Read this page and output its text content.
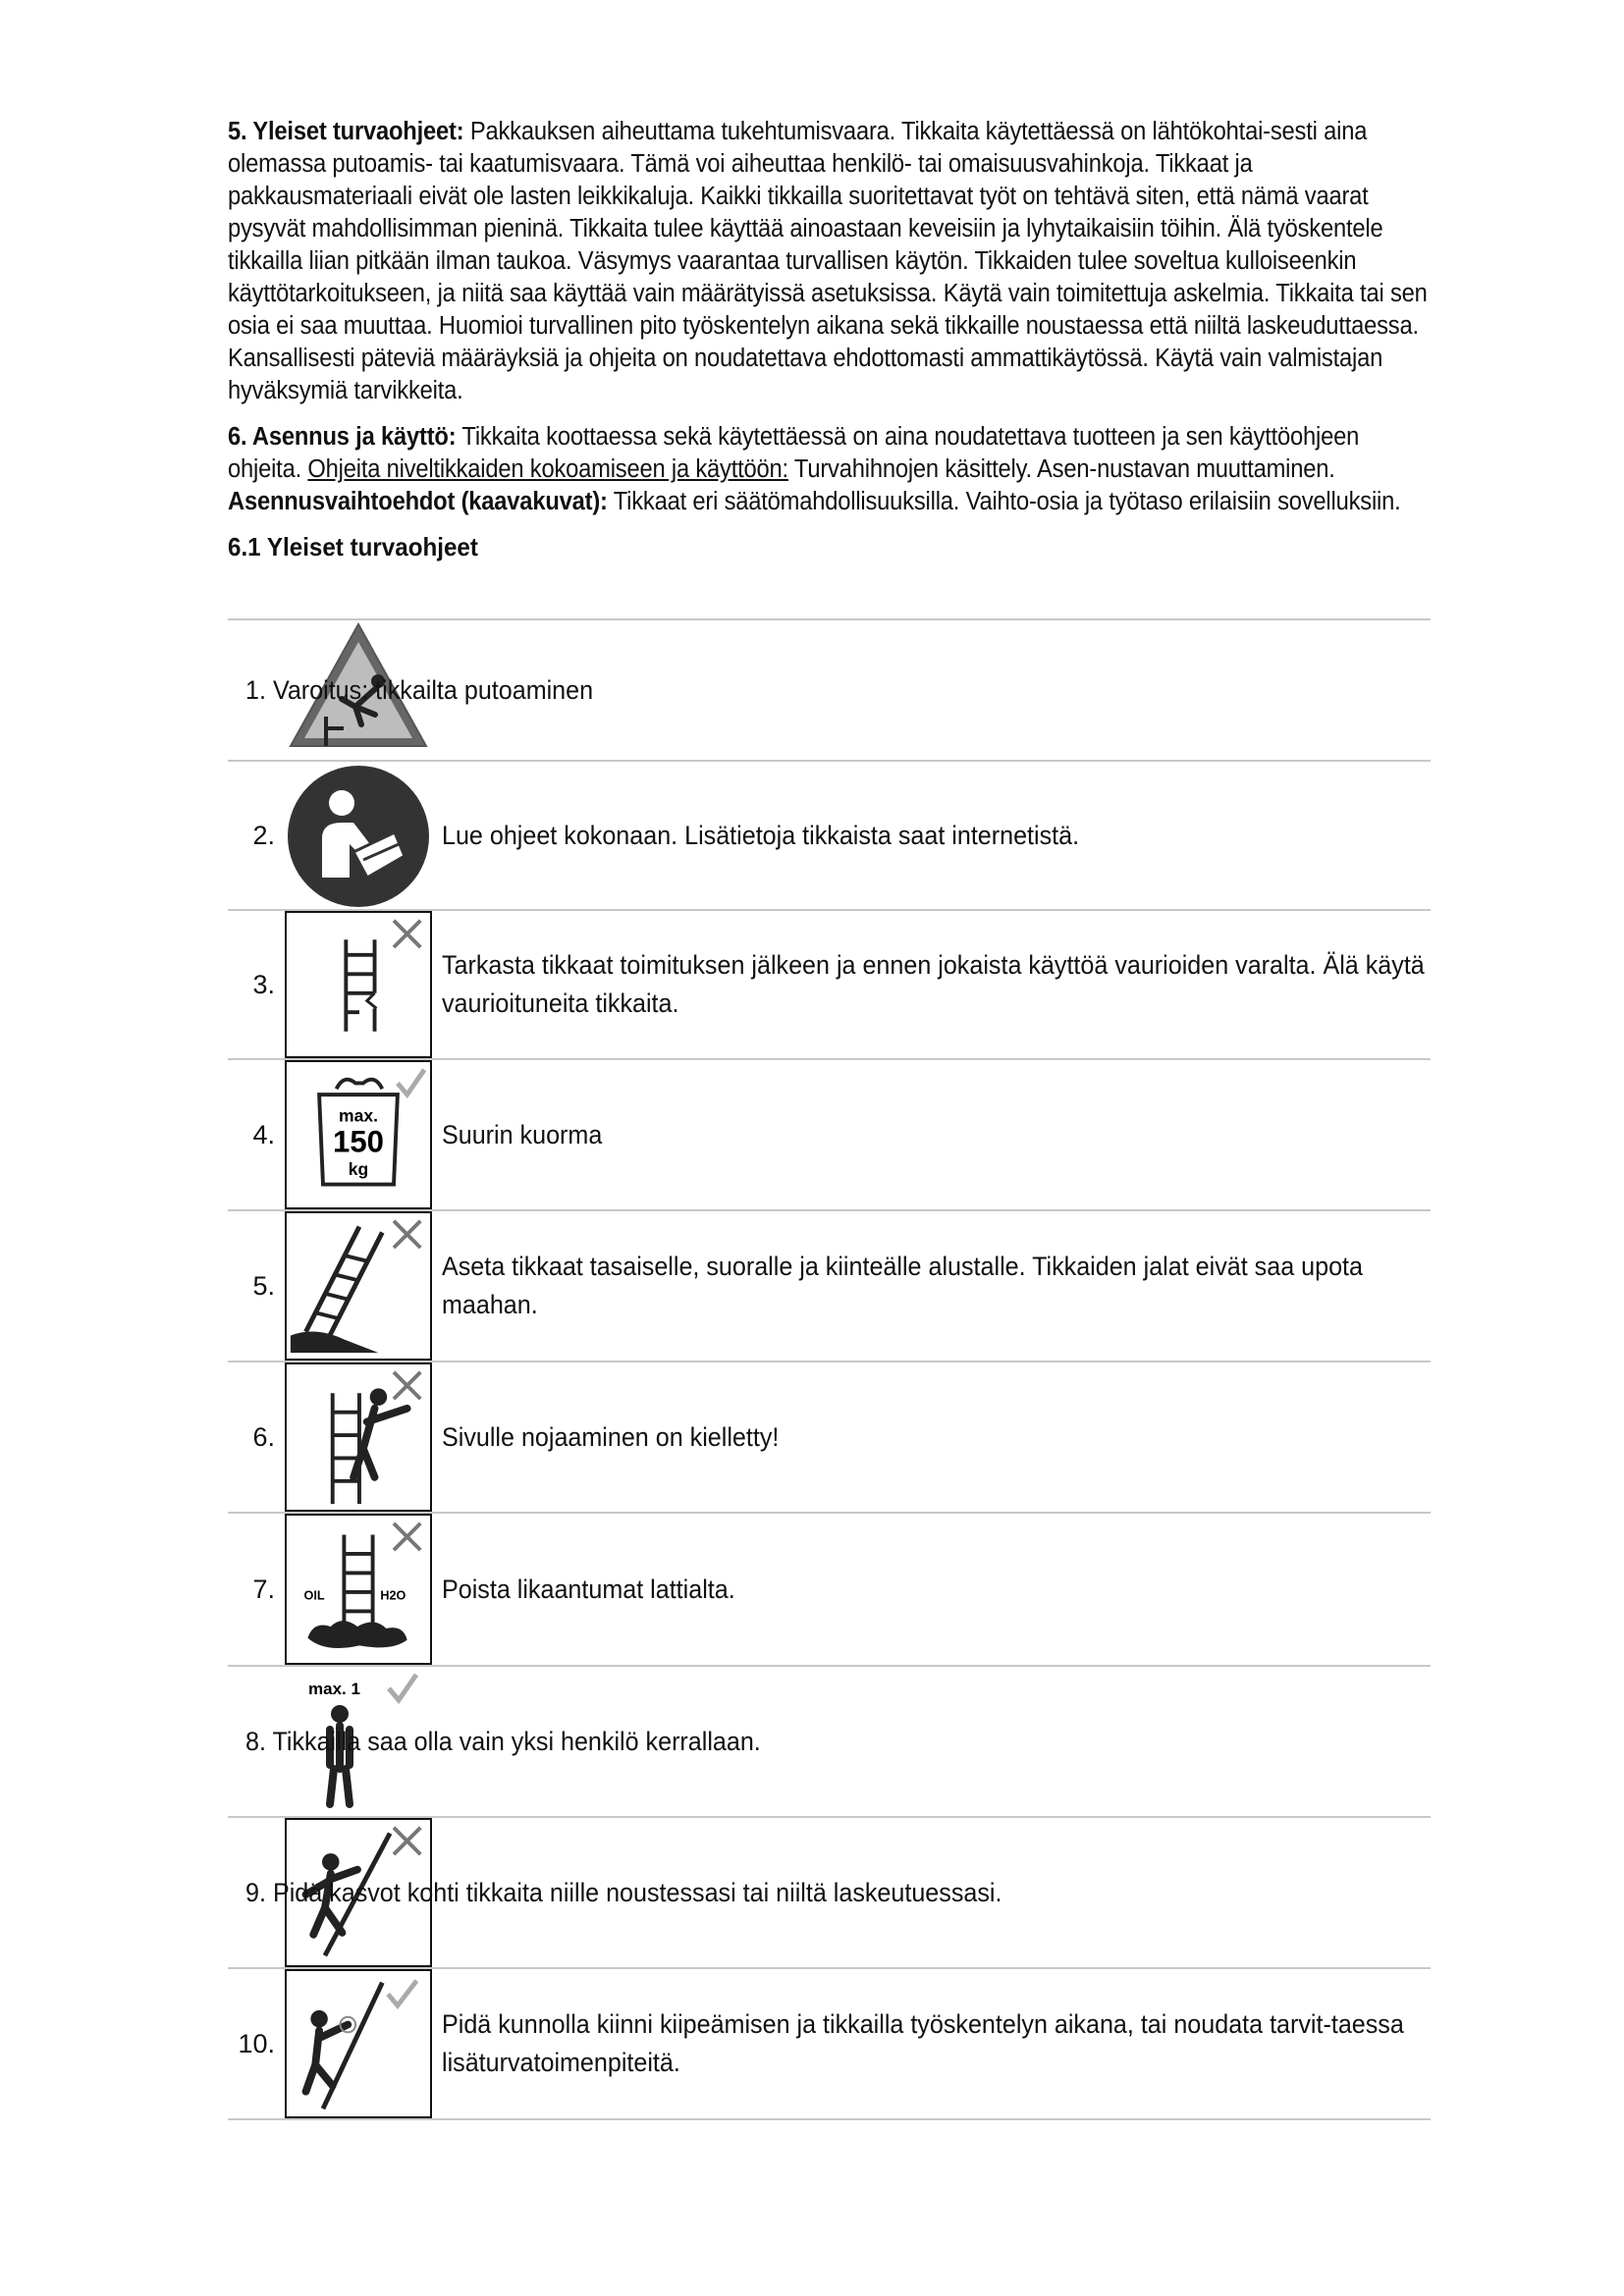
5. Yleiset turvaohjeet: Pakkauksen aiheuttama tukehtumisvaara. Tikkaita käytettäessä on lähtökohtai-sesti aina olemassa putoamis- tai kaatumisvaara. Tämä voi aiheuttaa henkilö- tai omaisuusvahinkoja. Tikkaat ja pakkausmateriaali eivät ole lasten leikkikaluja. Kaikki tikkailla suoritettavat työt on tehtävä siten, että nämä vaarat pysyvät mahdollisimman pieninä. Tikkaita tulee käyttää ainoastaan keveisiin ja lyhytaikaisiin töihin. Älä työskentele tikkailla liian pitkään ilman taukoa. Väsymys vaarantaa turvallisen käytön. Tikkaiden tulee soveltua kulloiseenkin käyttötarkoitukseen, ja niitä saa käyttää vain määrätyissä asetuksissa. Käytä vain toimitettuja askelmia. Tikkaita tai sen osia ei saa muuttaa. Huomioi turvallinen pito työskentelyn aikana sekä tikkaille noustaessa että niiltä laskeuduttaessa. Kansallisesti päteviä määräyksiä ja ohjeita on noudatettava ehdottomasti ammattikäytössä. Käytä vain valmistajan hyväksymiä tarvikkeita.

6. Asennus ja käyttö: Tikkaita koottaessa sekä käytettäessä on aina noudatettava tuotteen ja sen käyttöohjeen ohjeita. Ohjeita niveltikkaiden kokoamiseen ja käyttöön: Turvahihnojen käsittely. Asen-nustavan muuttaminen. Asennusvaihtoehdot (kaavakuvat): Tikkaat eri säätömahdollisuuksilla. Vaihto-osia ja työtaso erilaisiin sovelluksiin.

6.1 Yleiset turvaohjeet
1. Varoitus: tikkailta putoaminen
2.	Lue ohjeet kokonaan. Lisätietoja tikkaista saat internetistä.
3.
Tarkasta tikkaat toimituksen jälkeen ja ennen jokaista käyttöä vaurioiden varalta. Älä käytä vaurioituneita tikkaita.
4.
max.
150
kg
Suurin kuorma
5.
Aseta tikkaat tasaiselle, suoralle ja kiinteälle alustalle. Tikkaiden jalat eivät saa upota maahan.
6.	Sivulle nojaaminen on kielletty!
7. OIL	H2O Poista likaantumat lattialta.
max. 1
8. Tikkailla saa olla vain yksi henkilö kerrallaan.
9. Pidä kasvot kohti tikkaita niille noustessasi tai niiltä laskeutuessasi.
10.
Pidä kunnolla kiinni kiipeämisen ja tikkailla työskentelyn aikana, tai noudata tarvit-taessa lisäturvatoimenpiteitä.
